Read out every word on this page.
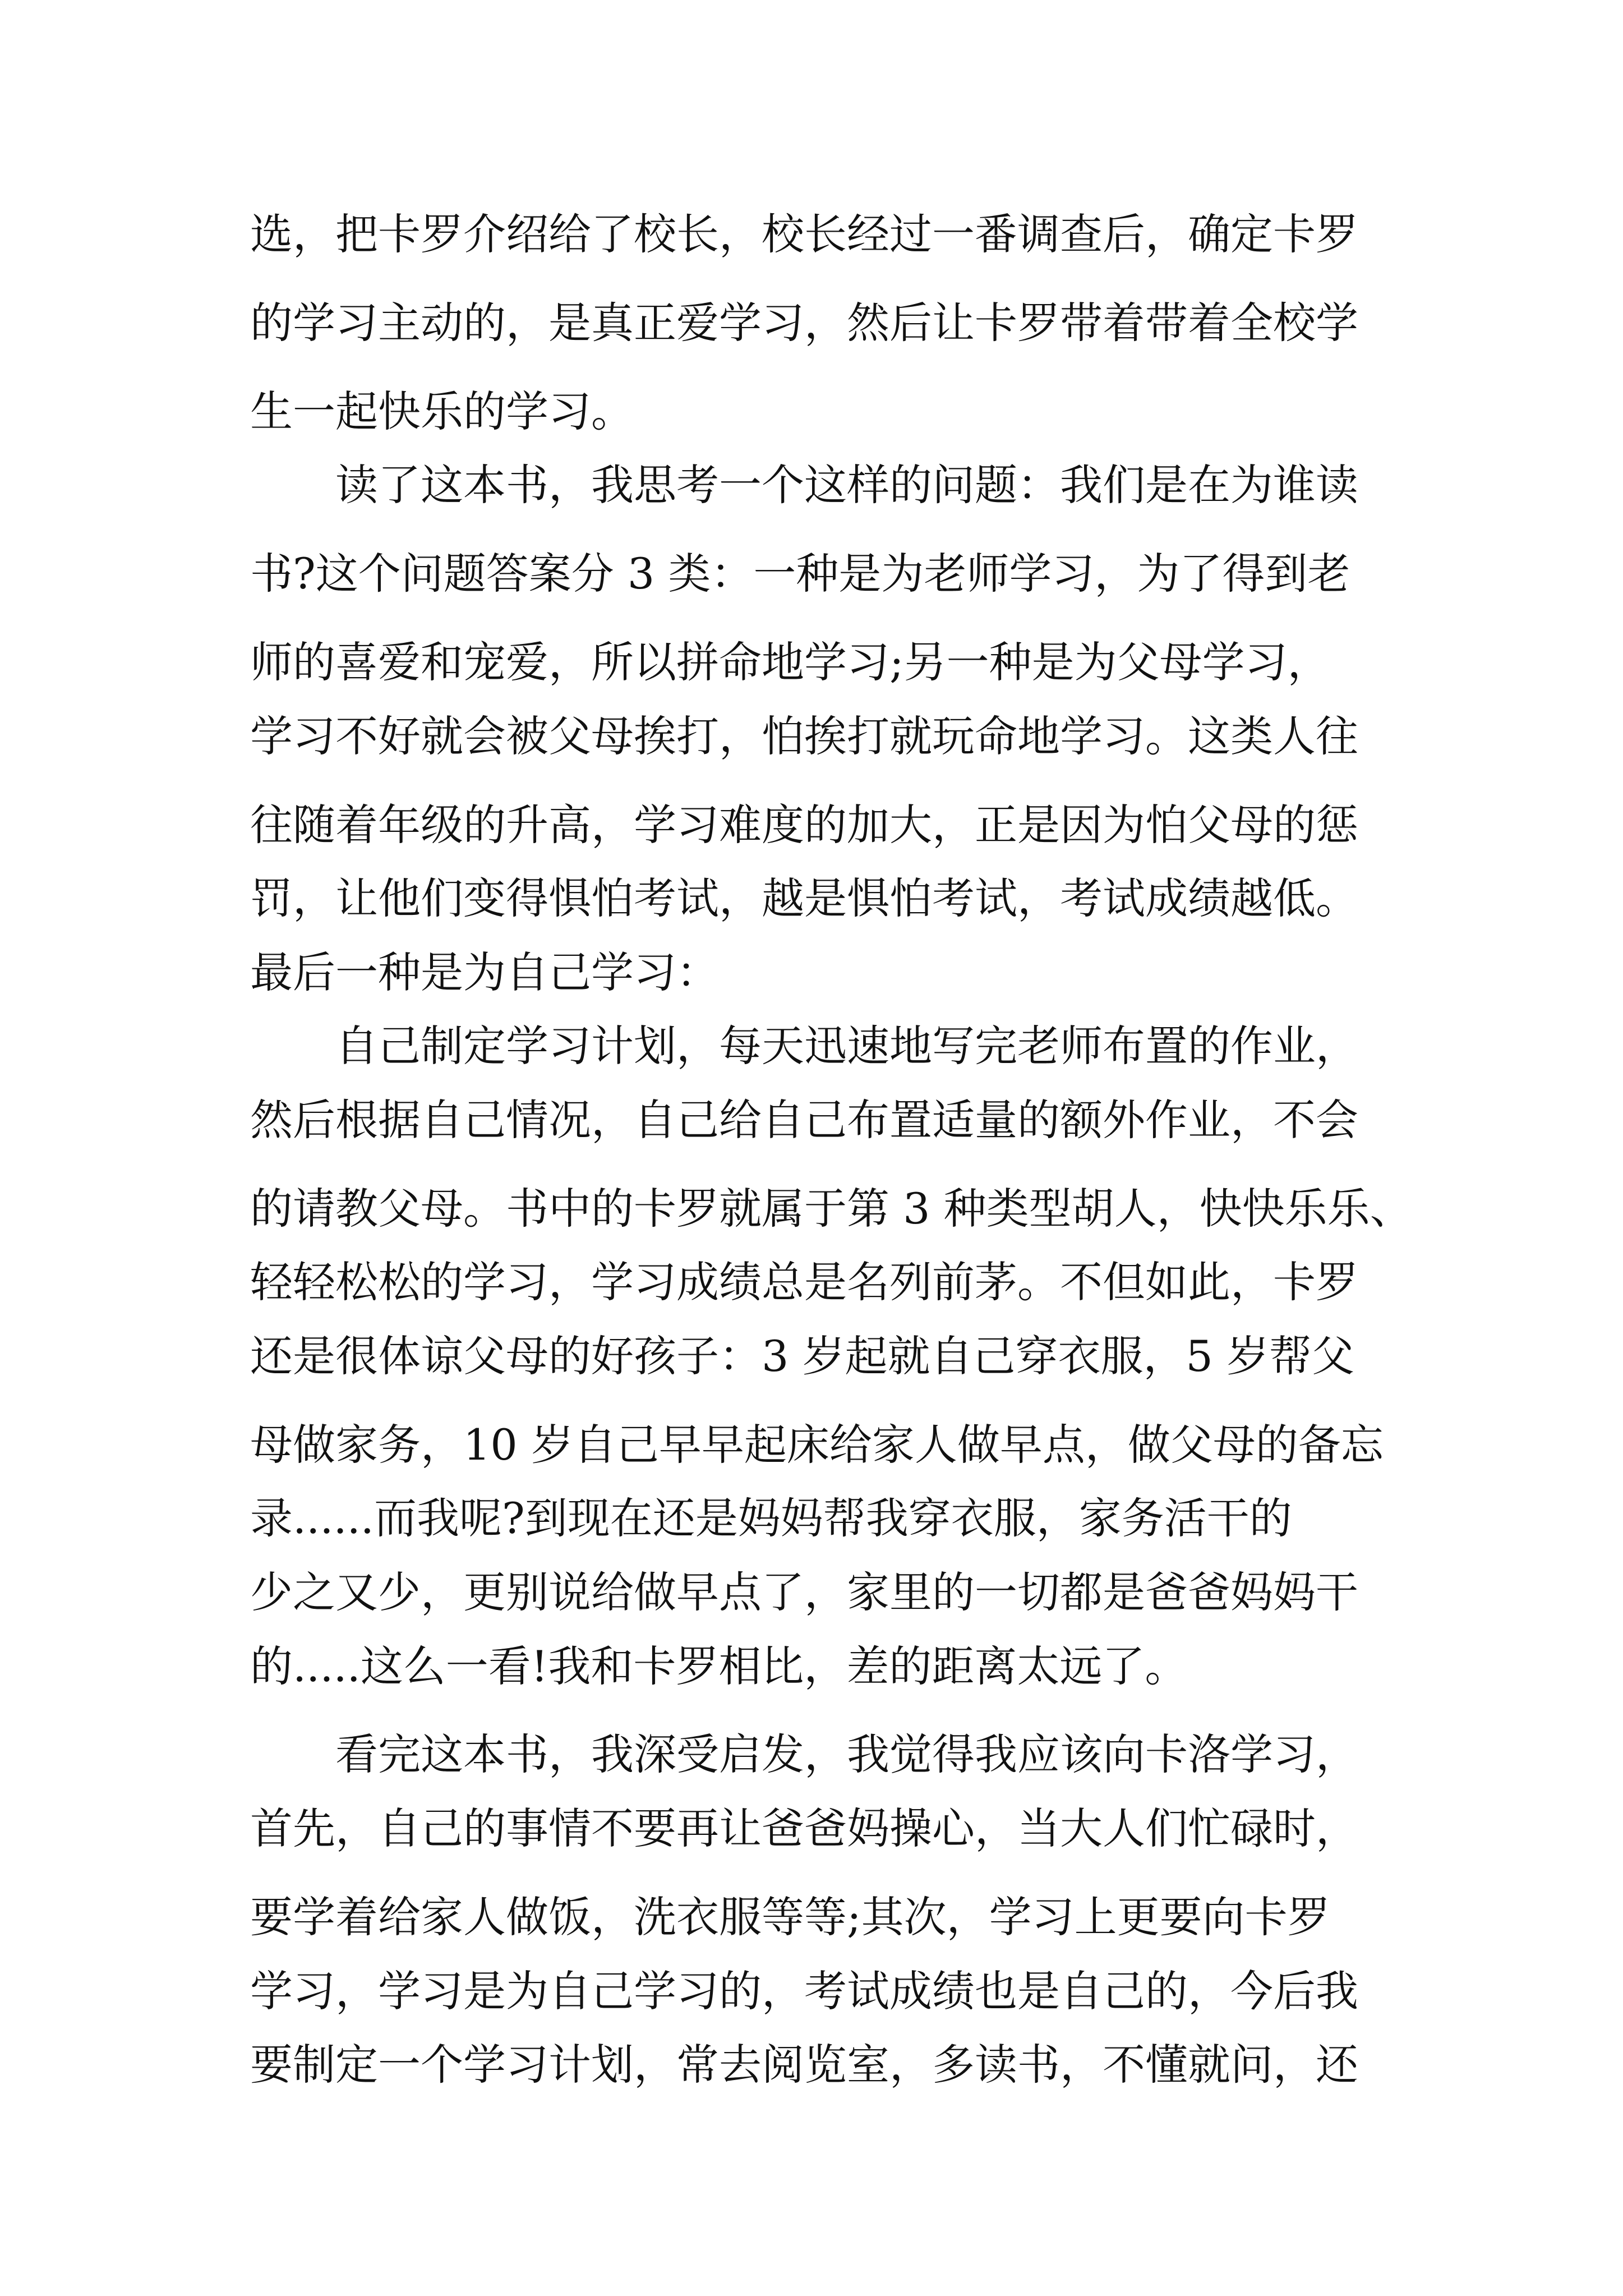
选，把卡罗介绍给了校长，校长经过一番调查后，确定卡罗
的学习主动的，是真正爱学习，然后让卡罗带着带着全校学
生一起快乐的学习。
读了这本书，我思考一个这样的问题：我们是在为谁读
书?这个问题答案分 3 类：一种是为老师学习，为了得到老
师的喜爱和宠爱，所以拼命地学习;另一种是为父母学习，
学习不好就会被父母挨打，怕挨打就玩命地学习。这类人往
往随着年级的升高，学习难度的加大，正是因为怕父母的惩
罚，让他们变得惧怕考试，越是惧怕考试，考试成绩越低。
最后一种是为自己学习：
自己制定学习计划，每天迅速地写完老师布置的作业，
然后根据自己情况，自己给自己布置适量的额外作业，不会
的请教父母。书中的卡罗就属于第 3 种类型胡人，快快乐乐、
轻轻松松的学习，学习成绩总是名列前茅。不但如此，卡罗
还是很体谅父母的好孩子：3 岁起就自己穿衣服，5 岁帮父
母做家务，10 岁自己早早起床给家人做早点，做父母的备忘
录......而我呢?到现在还是妈妈帮我穿衣服，家务活干的
少之又少，更别说给做早点了，家里的一切都是爸爸妈妈干
的.....这么一看!我和卡罗相比，差的距离太远了。
看完这本书，我深受启发，我觉得我应该向卡洛学习，
首先，自己的事情不要再让爸爸妈操心，当大人们忙碌时，
要学着给家人做饭，洗衣服等等;其次，学习上更要向卡罗
学习，学习是为自己学习的，考试成绩也是自己的，今后我
要制定一个学习计划，常去阅览室，多读书，不懂就问，还
